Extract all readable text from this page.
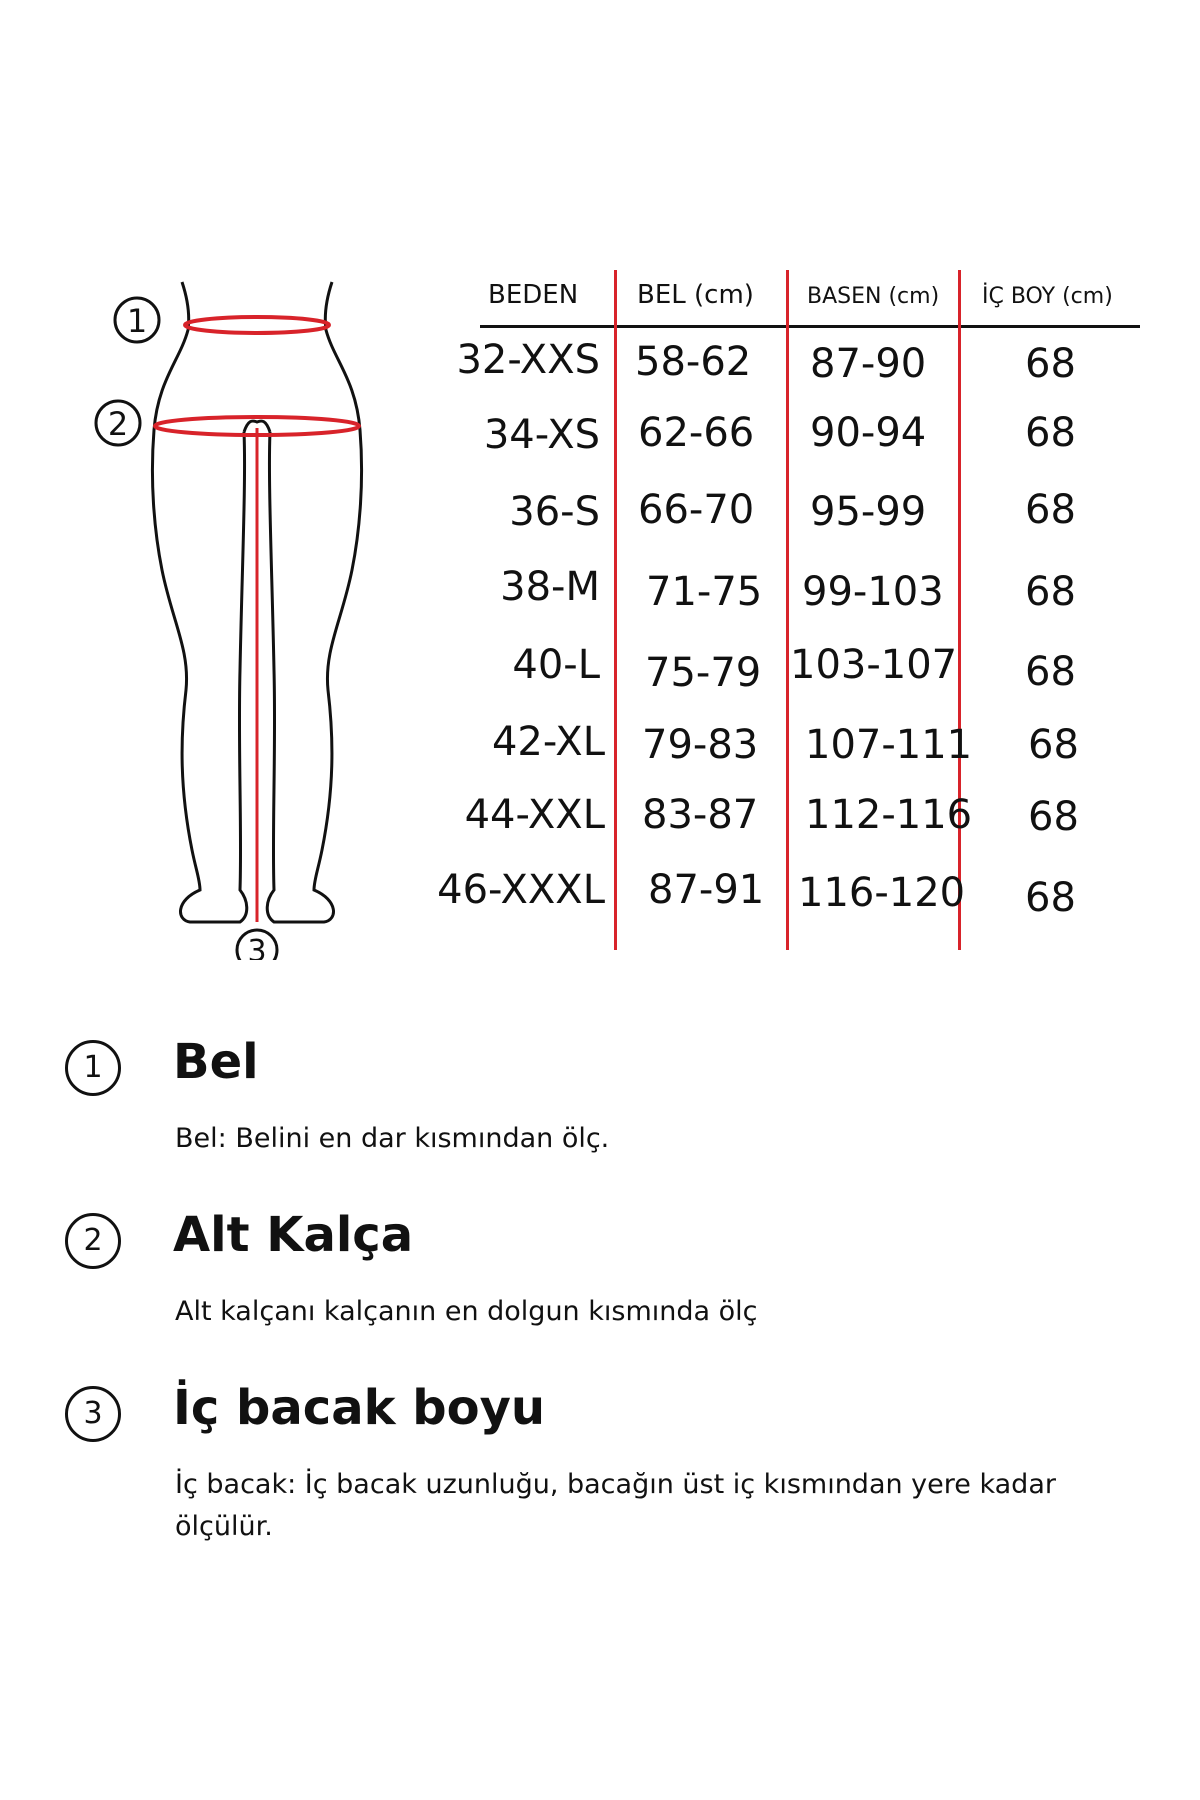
1
2
3
BEDEN BEL (cm) BASEN (cm) İÇ BOY (cm)
32-XXS 58-62 87-90 68
34-XS 62-66 90-94 68
36-S 66-70 95-99 68
38-M 71-75 99-103 68
40-L 75-79 103-107 68
42-XL 79-83 107-111 68
44-XXL 83-87 112-116 68
46-XXXL 87-91 116-120 68
1	Bel
Bel: Belini en dar kısmından ölç.
2	Alt Kalça
Alt kalçanı kalçanın en dolgun kısmında ölç
3	İç bacak boyu
İç bacak: İç bacak uzunluğu, bacağın üst iç kısmından yere kadar ölçülür.
